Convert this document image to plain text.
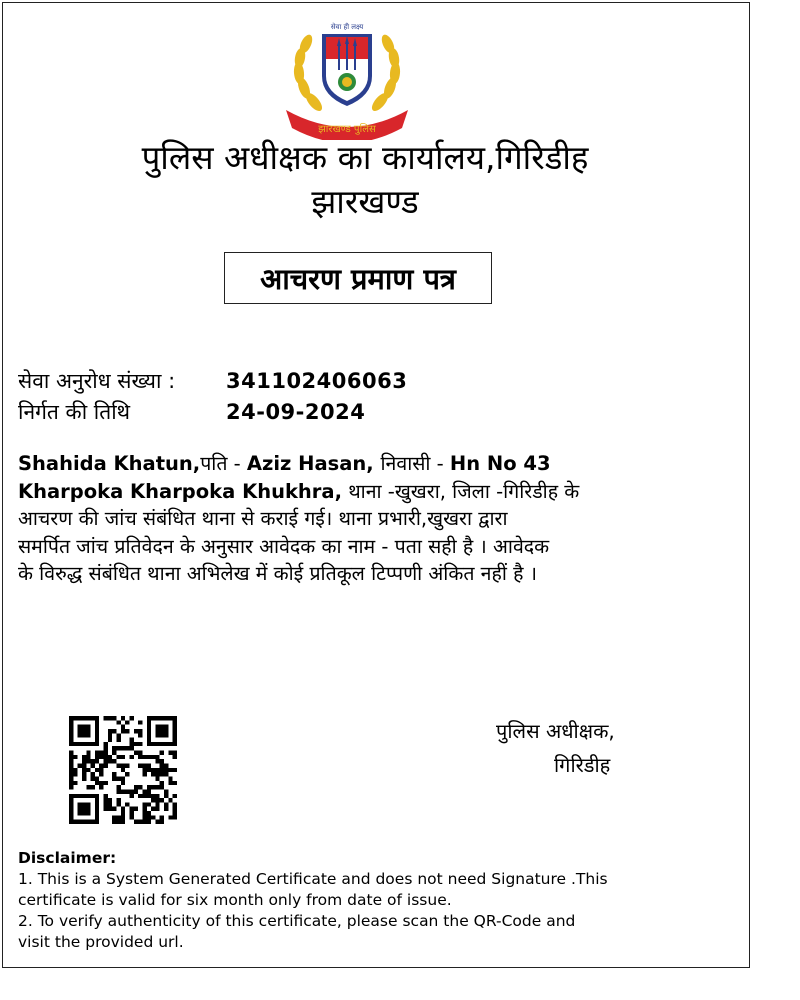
सेवा ही लक्ष्य
झारखण्ड पुलिस
पुलिस अधीक्षक का कार्यालय,गिरिडीह
झारखण्ड
आचरण प्रमाण पत्र
सेवा अनुरोध संख्या :	341102406063
निर्गत की तिथि	24-09-2024
Shahida Khatun,पति - Aziz Hasan, निवासी - Hn No 43
Kharpoka Kharpoka Khukhra, थाना -खुखरा, जिला -गिरिडीह के
आचरण की जांच संबंधित थाना से कराई गई। थाना प्रभारी,खुखरा द्वारा
समर्पित जांच प्रतिवेदन के अनुसार आवेदक का नाम - पता सही है । आवेदक
के विरुद्ध संबंधित थाना अभिलेख में कोई प्रतिकूल टिप्पणी अंकित नहीं है ।
पुलिस अधीक्षक,
गिरिडीह
Disclaimer:
1. This is a System Generated Certificate and does not need Signature .This
certificate is valid for six month only from date of issue.
2. To verify authenticity of this certificate, please scan the QR-Code and
visit the provided url.
